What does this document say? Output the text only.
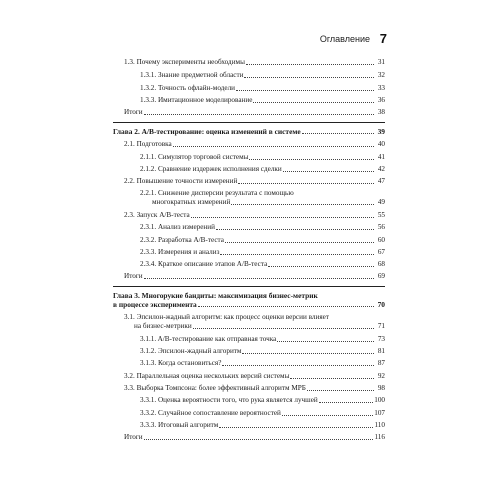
Оглавление 7
1.3. Почему эксперименты необходимы	31
1.3.1. Знание предметной области	32
1.3.2. Точность офлайн-модели	33
1.3.3. Имитационное моделирование	36
Итоги	38
Глава 2. A/B-тестирование: оценка изменений в системе	39
2.1. Подготовка	40
2.1.1. Симулятор торговой системы	41
2.1.2. Сравнение издержек исполнения сделки	42
2.2. Повышение точности измерений	47
2.2.1. Снижение дисперсии результата с помощью
многократных измерений	49
2.3. Запуск A/B-теста	55
2.3.1. Анализ измерений	56
2.3.2. Разработка A/B-теста	60
2.3.3. Измерения и анализ	67
2.3.4. Краткое описание этапов A/B-теста	68
Итоги	69
Глава 3. Многорукие бандиты: максимизация бизнес-метрик
в процессе эксперимента	70
3.1. Эпсилон-жадный алгоритм: как процесс оценки версии влияет
на бизнес-метрики	71
3.1.1. A/B-тестирование как отправная точка	73
3.1.2. Эпсилон-жадный алгоритм	81
3.1.3. Когда остановиться?	87
3.2. Параллельная оценка нескольких версий системы	92
3.3. Выборка Томпсона: более эффективный алгоритм МРБ	98
3.3.1. Оценка вероятности того, что рука является лучшей	100
3.3.2. Случайное сопоставление вероятностей	107
3.3.3. Итоговый алгоритм	110
Итоги	116
